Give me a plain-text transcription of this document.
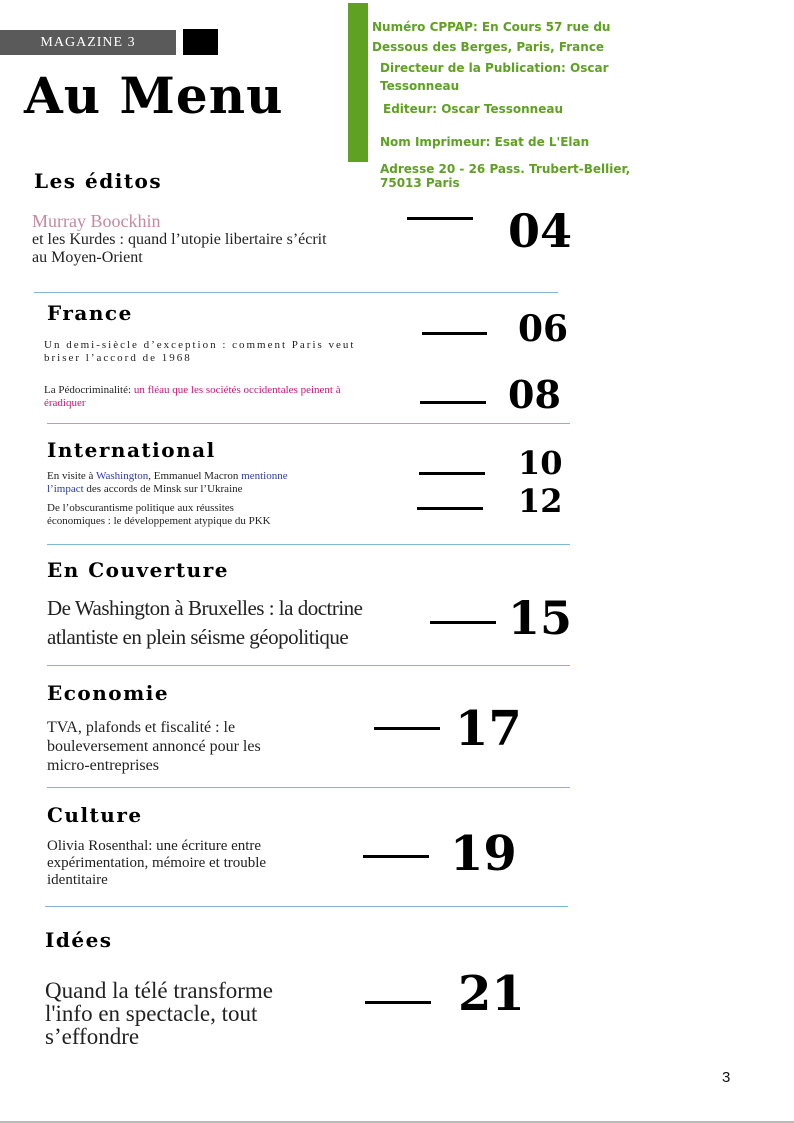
MAGAZINE 3
Au Menu
Numéro CPPAP: En Cours 57 rue du
Dessous des Berges, Paris, France
Directeur de la Publication: Oscar
Tessonneau
Editeur: Oscar Tessonneau
Nom Imprimeur: Esat de L'Elan
Adresse 20 - 26 Pass. Trubert-Bellier,
75013 Paris
Les éditos
Murray Boockhin
et les Kurdes : quand l’utopie libertaire s’écrit
au Moyen-Orient	04
France
Un demi-siècle d’exception : comment Paris veut
briser l’accord de 1968
06
La Pédocriminalité: un fléau que les sociétés occidentales peinent à
éradiquer	08
International
En visite à Washington, Emmanuel Macron mentionne
l’impact des accords de Minsk sur l’Ukraine
10
De l’obscurantisme politique aux réussites
économiques : le développement atypique du PKK
12
En Couverture
De Washington à Bruxelles : la doctrine
atlantiste en plein séisme géopolitique	15
Economie
TVA, plafonds et fiscalité : le
bouleversement annoncé pour les
micro-entreprises
17
Culture
Olivia Rosenthal: une écriture entre
expérimentation, mémoire et trouble
identitaire	19
Idées
Quand la télé transforme
l'info en spectacle, tout
s’effondre
21
3
